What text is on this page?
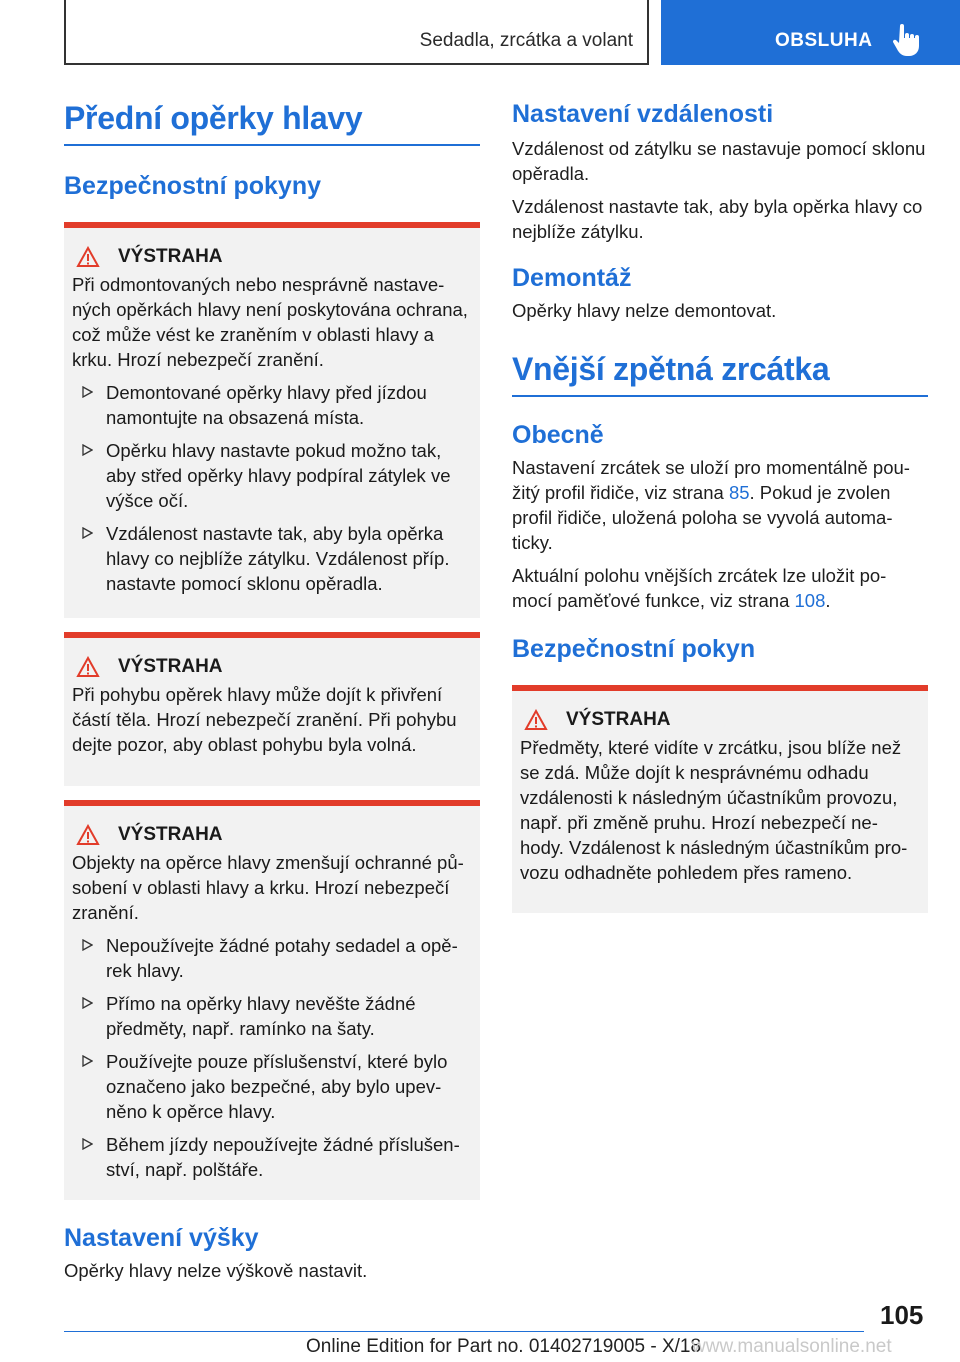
Sedadla, zrcátka a volant	OBSLUHA
Přední opěrky hlavy
Bezpečnostní pokyny
VÝSTRAHA
Při odmontovaných nebo nesprávně nastave- ných opěrkách hlavy není poskytována ochrana, což může vést ke zraněním v oblasti hlavy a krku. Hrozí nebezpečí zranění.
Demontované opěrky hlavy před jízdou namontujte na obsazená místa.
Opěrku hlavy nastavte pokud možno tak, aby střed opěrky hlavy podpíral zátylek ve výšce očí.
Vzdálenost nastavte tak, aby byla opěrka hlavy co nejblíže zátylku. Vzdálenost příp. nastavte pomocí sklonu opěradla.
VÝSTRAHA
Při pohybu opěrek hlavy může dojít k přivření částí těla. Hrozí nebezpečí zranění. Při pohybu dejte pozor, aby oblast pohybu byla volná.
VÝSTRAHA
Objekty na opěrce hlavy zmenšují ochranné pů- sobení v oblasti hlavy a krku. Hrozí nebezpečí zranění.
Nepoužívejte žádné potahy sedadel a opě- rek hlavy.
Přímo na opěrky hlavy nevěšte žádné předměty, např. ramínko na šaty.
Používejte pouze příslušenství, které bylo označeno jako bezpečné, aby bylo upev- něno k opěrce hlavy.
Během jízdy nepoužívejte žádné příslušen- ství, např. polštáře.
Nastavení výšky
Opěrky hlavy nelze výškově nastavit.
Nastavení vzdálenosti
Vzdálenost od zátylku se nastavuje pomocí sklonu opěradla.
Vzdálenost nastavte tak, aby byla opěrka hlavy co nejblíže zátylku.
Demontáž
Opěrky hlavy nelze demontovat.
Vnější zpětná zrcátka
Obecně
Nastavení zrcátek se uloží pro momentálně pou- žitý profil řidiče, viz strana 85. Pokud je zvolen profil řidiče, uložená poloha se vyvolá automa- ticky.
Aktuální polohu vnějších zrcátek lze uložit po- mocí paměťové funkce, viz strana 108.
Bezpečnostní pokyn
VÝSTRAHA
Předměty, které vidíte v zrcátku, jsou blíže než se zdá. Může dojít k nesprávnému odhadu vzdálenosti k následným účastníkům provozu, např. při změně pruhu. Hrozí nebezpečí ne- hody. Vzdálenost k následným účastníkům pro- vozu odhadněte pohledem přes rameno.
105
Online Edition for Part no. 01402719005 - X/18
www.manualsonline.net
